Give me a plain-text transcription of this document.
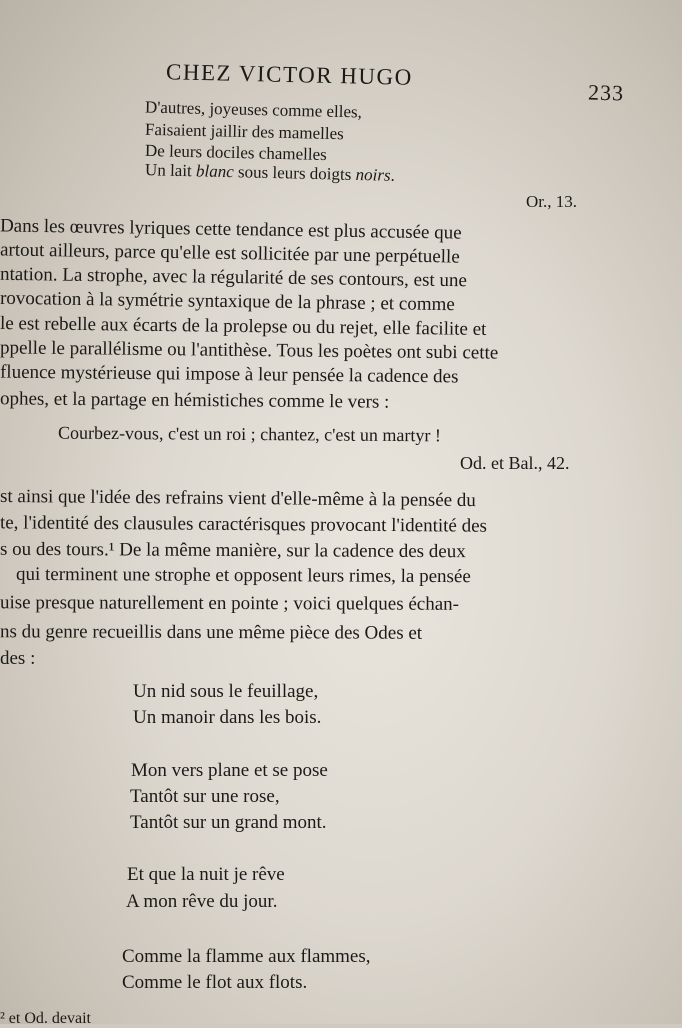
CHEZ VICTOR HUGO
233
D'autres, joyeuses comme elles,
Faisaient jaillir des mamelles
De leurs dociles chamelles
Un lait blanc sous leurs doigts noirs.
Or., 13.
Dans les œuvres lyriques cette tendance est plus accusée que
artout ailleurs, parce qu'elle est sollicitée par une perpétuelle
ntation. La strophe, avec la régularité de ses contours, est une
rovocation à la symétrie syntaxique de la phrase ; et comme
le est rebelle aux écarts de la prolepse ou du rejet, elle facilite et
ppelle le parallélisme ou l'antithèse. Tous les poètes ont subi cette
fluence mystérieuse qui impose à leur pensée la cadence des
ophes, et la partage en hémistiches comme le vers :
Courbez-vous, c'est un roi ; chantez, c'est un martyr !
Od. et Bal., 42.
st ainsi que l'idée des refrains vient d'elle-même à la pensée du
te, l'identité des clausules caractérisques provocant l'identité des
s ou des tours.¹ De la même manière, sur la cadence des deux
qui terminent une strophe et opposent leurs rimes, la pensée
uise presque naturellement en pointe ; voici quelques échan-
ns du genre recueillis dans une même pièce des Odes et
des :
Un nid sous le feuillage,
Un manoir dans les bois.
Mon vers plane et se pose
Tantôt sur une rose,
Tantôt sur un grand mont.
Et que la nuit je rêve
A mon rêve du jour.
Comme la flamme aux flammes,
Comme le flot aux flots.
² et Od. devait
